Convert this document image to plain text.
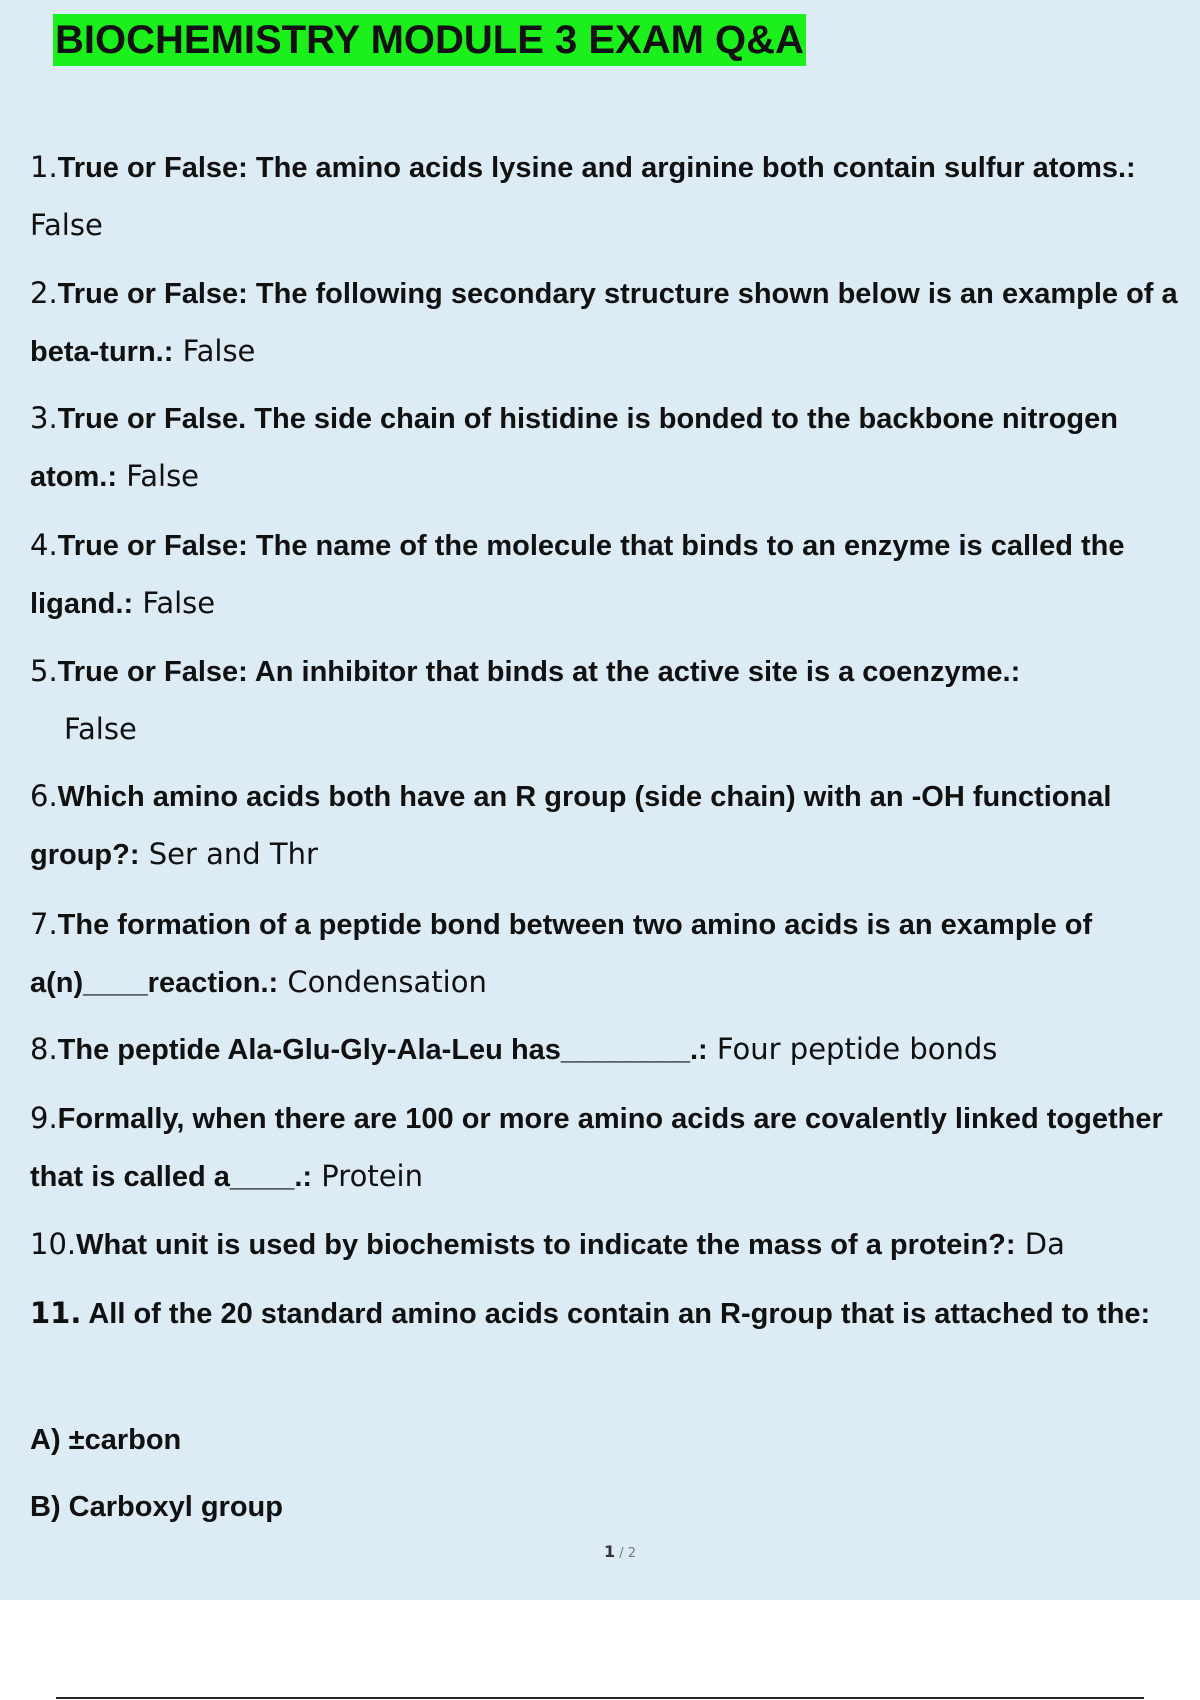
BIOCHEMISTRY MODULE 3 EXAM Q&A
1.True or False: The amino acids lysine and arginine both contain sulfur atoms.: False
2.True or False: The following secondary structure shown below is an example of a beta-turn.: False
3.True or False. The side chain of histidine is bonded to the backbone nitrogen atom.: False
4.True or False: The name of the molecule that binds to an enzyme is called the ligand.: False
5.True or False: An inhibitor that binds at the active site is a coenzyme.:
False
6.Which amino acids both have an R group (side chain) with an -OH functional group?: Ser and Thr
7.The formation of a peptide bond between two amino acids is an example of a(n)____reaction.: Condensation
8.The peptide Ala-Glu-Gly-Ala-Leu has________.: Four peptide bonds
9.Formally, when there are 100 or more amino acids are covalently linked together that is called a____.: Protein
10.What unit is used by biochemists to indicate the mass of a protein?: Da
11. All of the 20 standard amino acids contain an R-group that is attached to the:
A) ±carbon
B) Carboxyl group
1 / 2
